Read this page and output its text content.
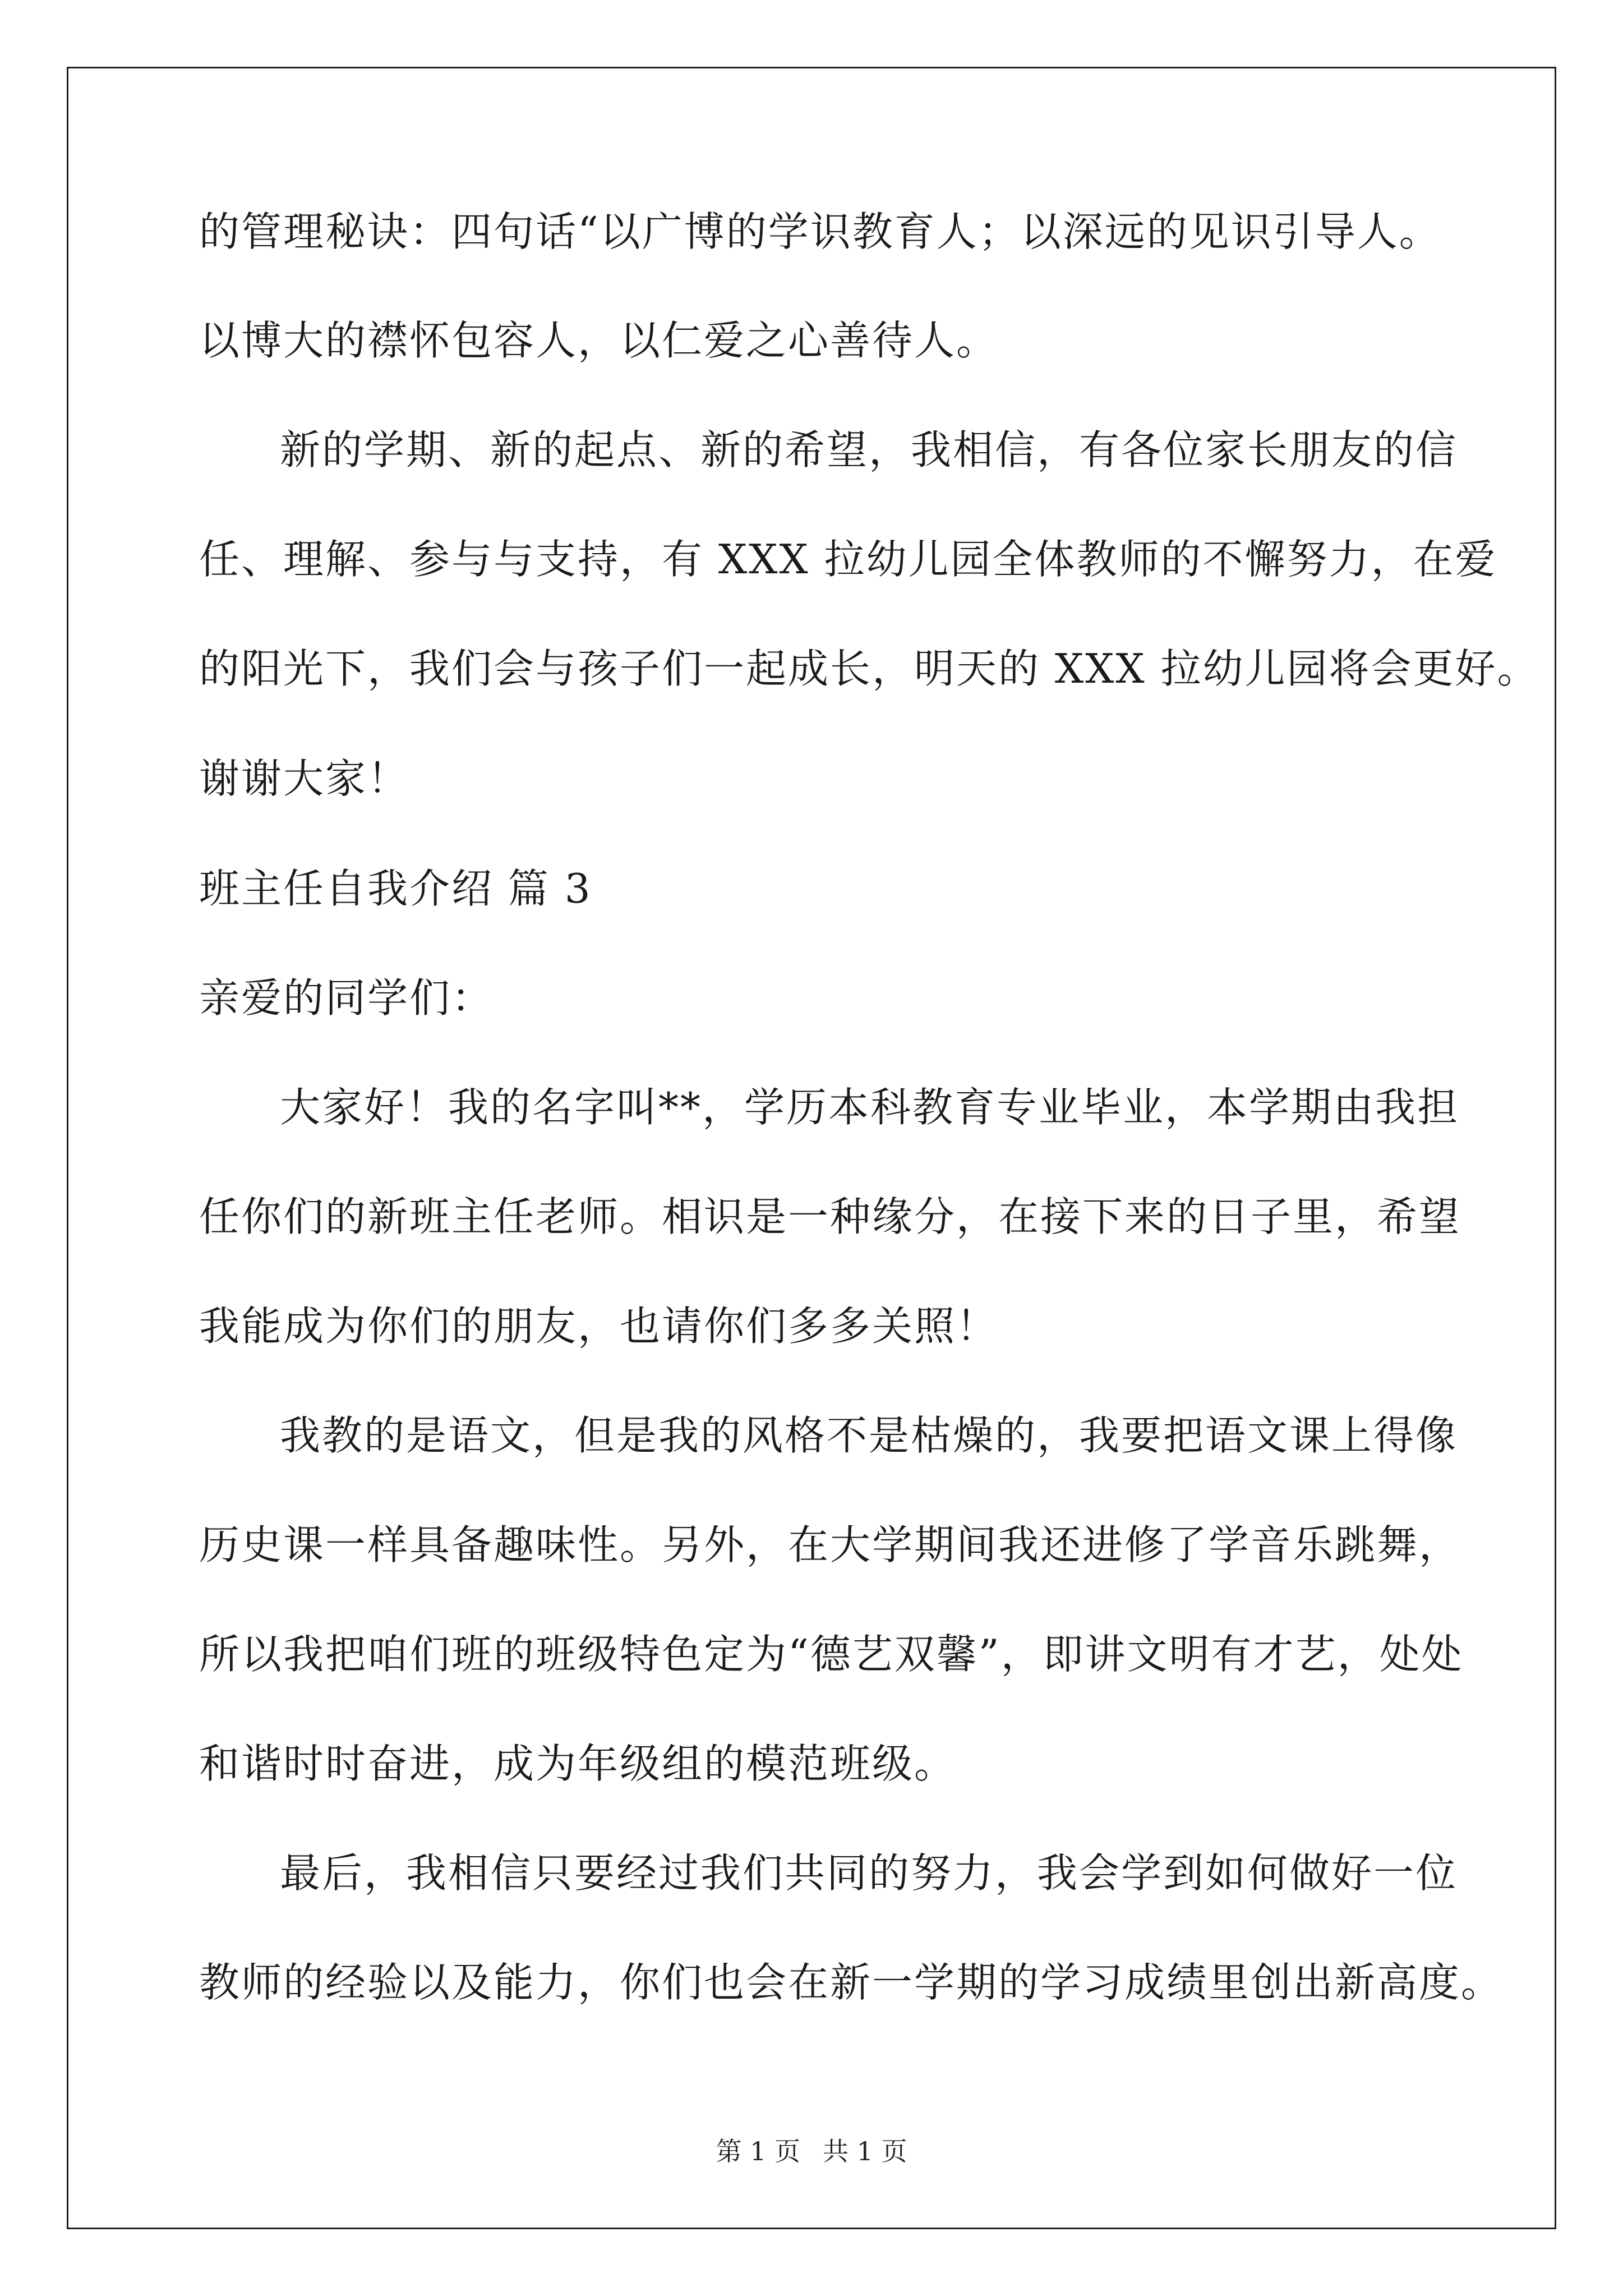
的管理秘诀：四句话“以广博的学识教育人；以深远的见识引导人。

以博大的襟怀包容人，以仁爱之心善待人。

新的学期、新的起点、新的希望，我相信，有各位家长朋友的信

任、理解、参与与支持，有 XXX 拉幼儿园全体教师的不懈努力，在爱

的阳光下，我们会与孩子们一起成长，明天的 XXX 拉幼儿园将会更好。

谢谢大家！

班主任自我介绍 篇 3

亲爱的同学们：

大家好！我的名字叫**，学历本科教育专业毕业，本学期由我担

任你们的新班主任老师。相识是一种缘分，在接下来的日子里，希望

我能成为你们的朋友，也请你们多多关照！

我教的是语文，但是我的风格不是枯燥的，我要把语文课上得像

历史课一样具备趣味性。另外，在大学期间我还进修了学音乐跳舞，

所以我把咱们班的班级特色定为“德艺双馨”，即讲文明有才艺，处处

和谐时时奋进，成为年级组的模范班级。

最后，我相信只要经过我们共同的努力，我会学到如何做好一位

教师的经验以及能力，你们也会在新一学期的学习成绩里创出新高度。

第 1 页 共 1 页
